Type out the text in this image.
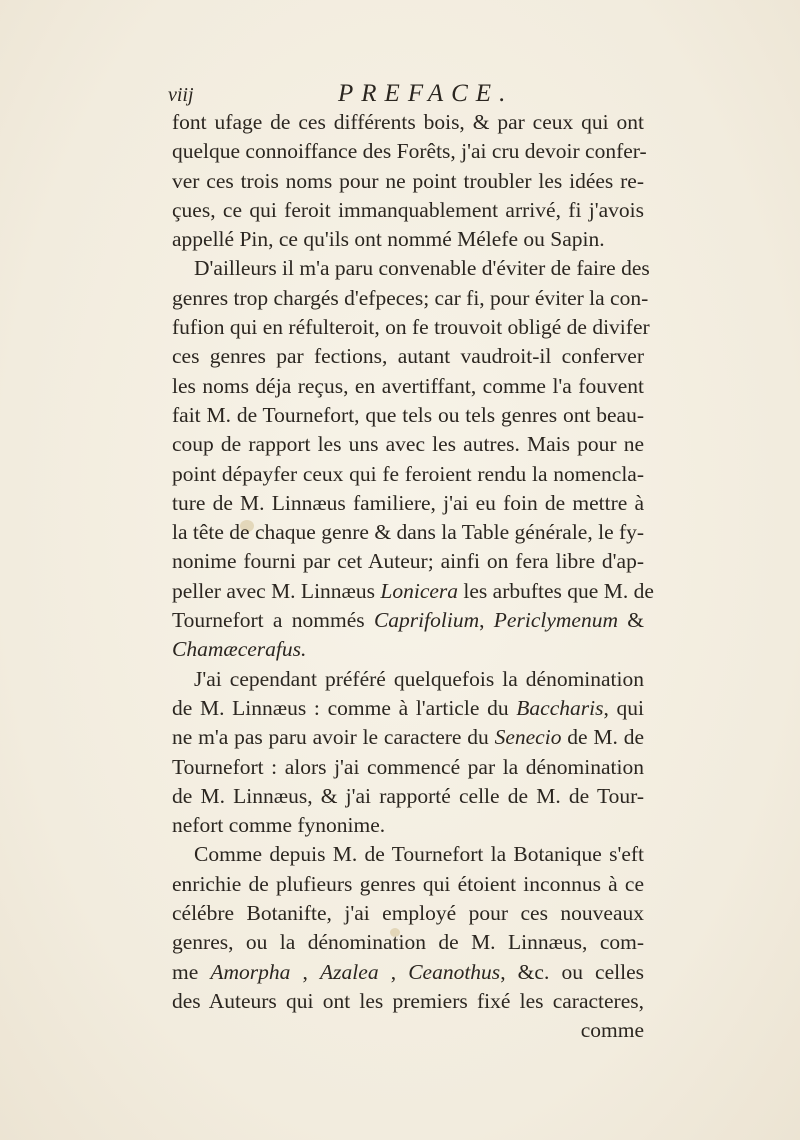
viij	PREFACE.
font ufage de ces différents bois, & par ceux qui ont
quelque connoiffance des Forêts, j'ai cru devoir confer-
ver ces trois noms pour ne point troubler les idées re-
çues, ce qui feroit immanquablement arrivé, fi j'avois
appellé Pin, ce qu'ils ont nommé Mélefe ou Sapin.
D'ailleurs il m'a paru convenable d'éviter de faire des
genres trop chargés d'efpeces; car fi, pour éviter la con-
fufion qui en réfulteroit, on fe trouvoit obligé de divifer
ces genres par fections, autant vaudroit-il conferver
les noms déja reçus, en avertiffant, comme l'a fouvent
fait M. de Tournefort, que tels ou tels genres ont beau-
coup de rapport les uns avec les autres. Mais pour ne
point dépayfer ceux qui fe feroient rendu la nomencla-
ture de M. Linnæus familiere, j'ai eu foin de mettre à
la tête de chaque genre & dans la Table générale, le fy-
nonime fourni par cet Auteur; ainfi on fera libre d'ap-
peller avec M. Linnæus Lonicera les arbuftes que M. de
Tournefort a nommés Caprifolium, Periclymenum &
Chamæcerafus.
J'ai cependant préféré quelquefois la dénomination
de M. Linnæus : comme à l'article du Baccharis, qui
ne m'a pas paru avoir le caractere du Senecio de M. de
Tournefort : alors j'ai commencé par la dénomination
de M. Linnæus, & j'ai rapporté celle de M. de Tour-
nefort comme fynonime.
Comme depuis M. de Tournefort la Botanique s'eft
enrichie de plufieurs genres qui étoient inconnus à ce
célébre Botanifte, j'ai employé pour ces nouveaux
genres, ou la dénomination de M. Linnæus, com-
me Amorpha , Azalea , Ceanothus, &c. ou celles
des Auteurs qui ont les premiers fixé les caracteres,
comme
